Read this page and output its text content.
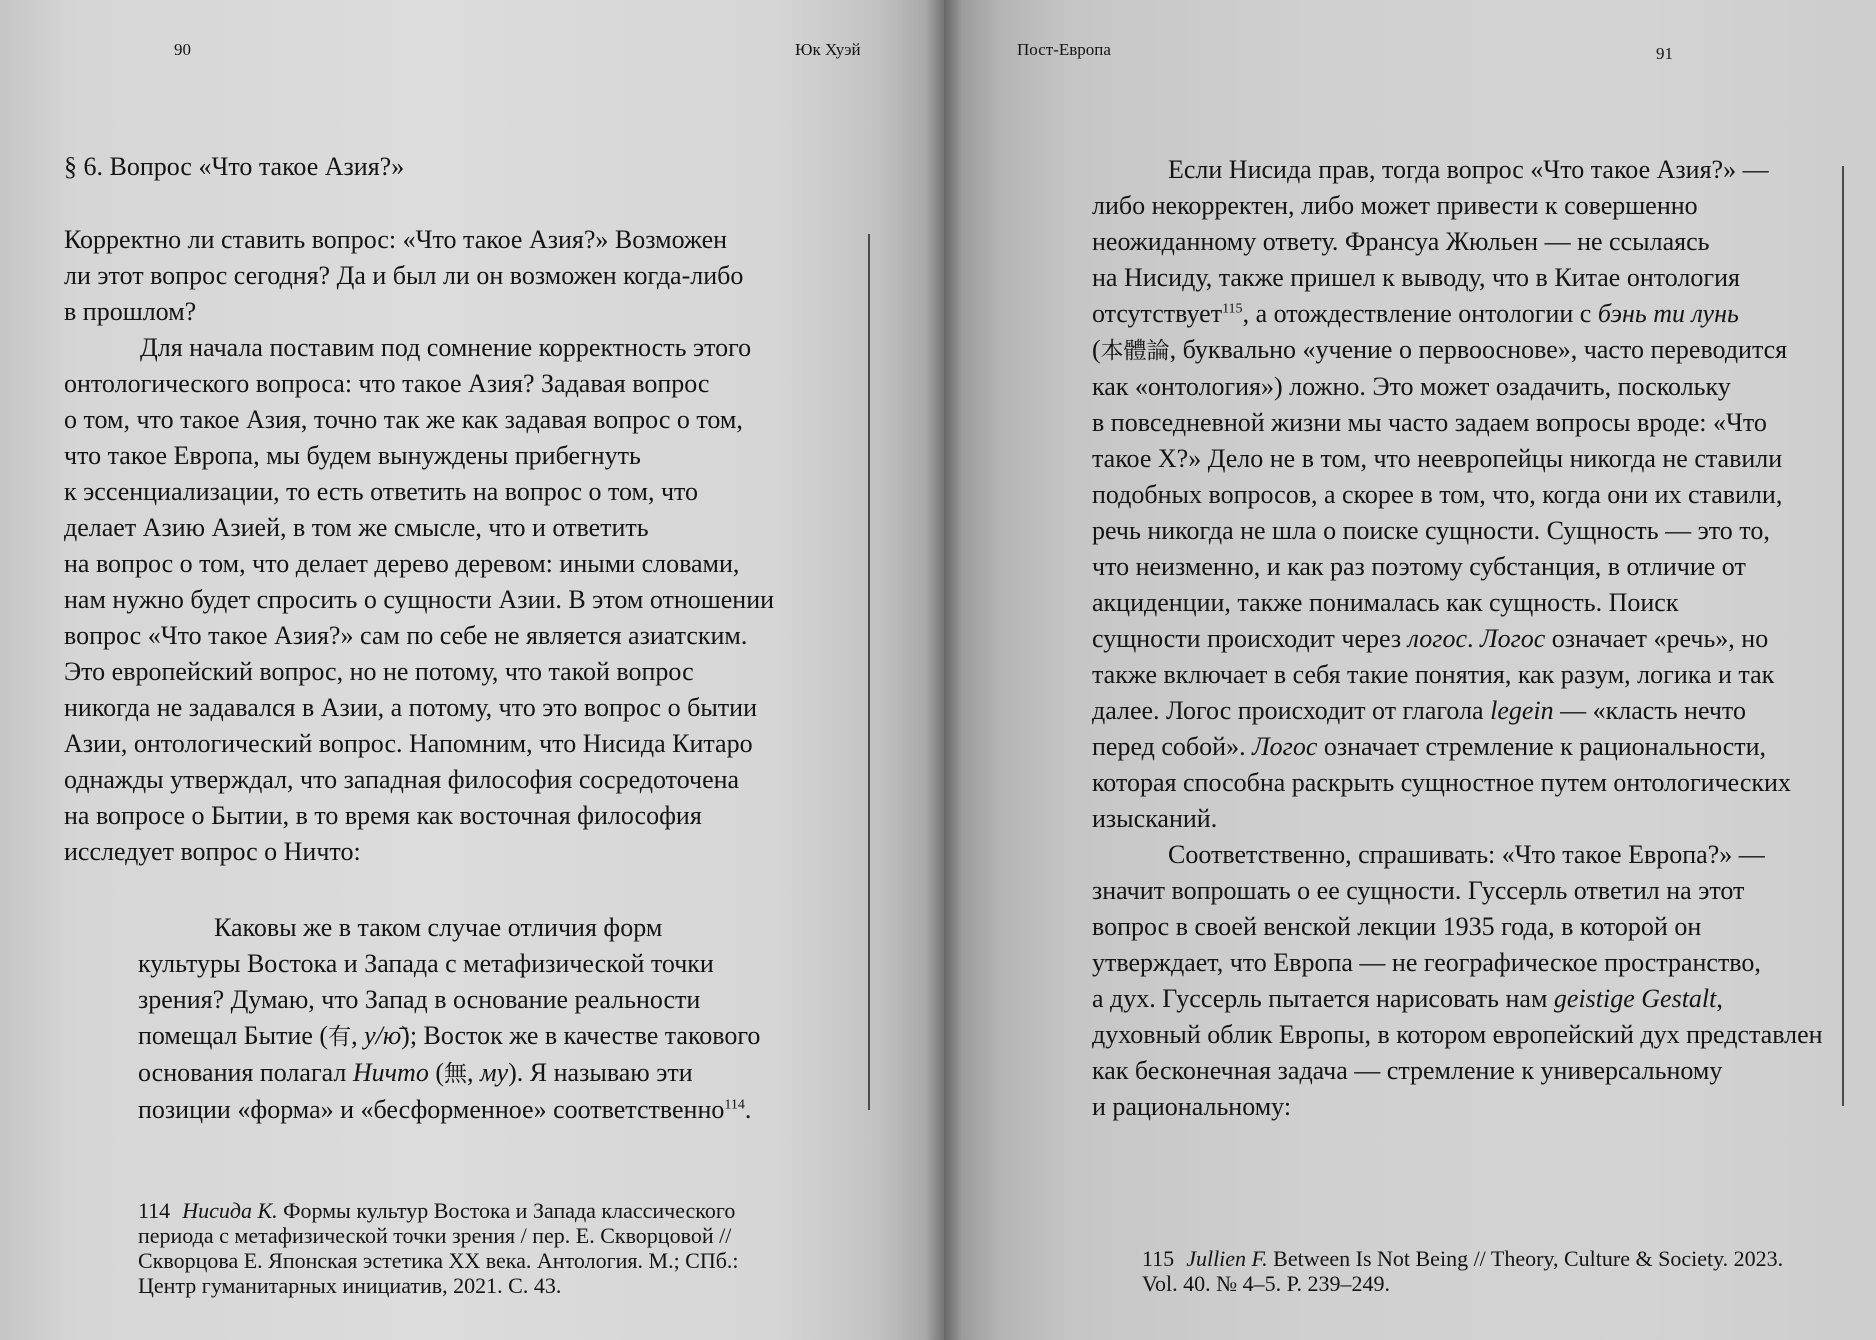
90	Юк Хуэй
§ 6. Вопрос «Что такое Азия?»
Корректно ли ставить вопрос: «Что такое Азия?» Возможен
ли этот вопрос сегодня? Да и был ли он возможен когда-либо
в прошлом?
Для начала поставим под сомнение корректность этого
онтологического вопроса: что такое Азия? Задавая вопрос
о том, что такое Азия, точно так же как задавая вопрос о том,
что такое Европа, мы будем вынуждены прибегнуть
к эссенциализации, то есть ответить на вопрос о том, что
делает Азию Азией, в том же смысле, что и ответить
на вопрос о том, что делает дерево деревом: иными словами,
нам нужно будет спросить о сущности Азии. В этом отношении
вопрос «Что такое Азия?» сам по себе не является азиатским.
Это европейский вопрос, но не потому, что такой вопрос
никогда не задавался в Азии, а потому, что это вопрос о бытии
Азии, онтологический вопрос. Напомним, что Нисида Китаро
однажды утверждал, что западная философия сосредоточена
на вопросе о Бытии, в то время как восточная философия
исследует вопрос о Ничто:
Каковы же в таком случае отличия форм
культуры Востока и Запада с метафизической точки
зрения? Думаю, что Запад в основание реальности
помещал Бытие (有, у/ю̄); Восток же в качестве такового
основания полагал Ничто (無, му). Я называю эти
позиции «форма» и «бесформенное» соответственно$^{114}$.
114 Нисида К. Формы культур Востока и Запада классического
периода с метафизической точки зрения / пер. Е. Скворцовой //
Скворцова Е. Японская эстетика XX века. Антология. М.; СПб.:
Центр гуманитарных инициатив, 2021. С. 43.
Пост-Европа	91
Если Нисида прав, тогда вопрос «Что такое Азия?» —
либо некорректен, либо может привести к совершенно
неожиданному ответу. Франсуа Жюльен — не ссылаясь
на Нисиду, также пришел к выводу, что в Китае онтология
отсутствует$^{115}$, а отождествление онтологии с бэнь ти лунь
(本體論, буквально «учение о первооснове», часто переводится
как «онтология») ложно. Это может озадачить, поскольку
в повседневной жизни мы часто задаем вопросы вроде: «Что
такое X?» Дело не в том, что неевропейцы никогда не ставили
подобных вопросов, а скорее в том, что, когда они их ставили,
речь никогда не шла о поиске сущности. Сущность — это то,
что неизменно, и как раз поэтому субстанция, в отличие от
акциденции, также понималась как сущность. Поиск
сущности происходит через логос. Логос означает «речь», но
также включает в себя такие понятия, как разум, логика и так
далее. Логос происходит от глагола legein — «класть нечто
перед собой». Логос означает стремление к рациональности,
которая способна раскрыть сущностное путем онтологических
изысканий.
Соответственно, спрашивать: «Что такое Европа?» —
значит вопрошать о ее сущности. Гуссерль ответил на этот
вопрос в своей венской лекции 1935 года, в которой он
утверждает, что Европа — не географическое пространство,
а дух. Гуссерль пытается нарисовать нам geistige Gestalt,
духовный облик Европы, в котором европейский дух представлен
как бесконечная задача — стремление к универсальному
и рациональному:
115 Jullien F. Between Is Not Being // Theory, Culture & Society. 2023.
Vol. 40. № 4–5. P. 239–249.
